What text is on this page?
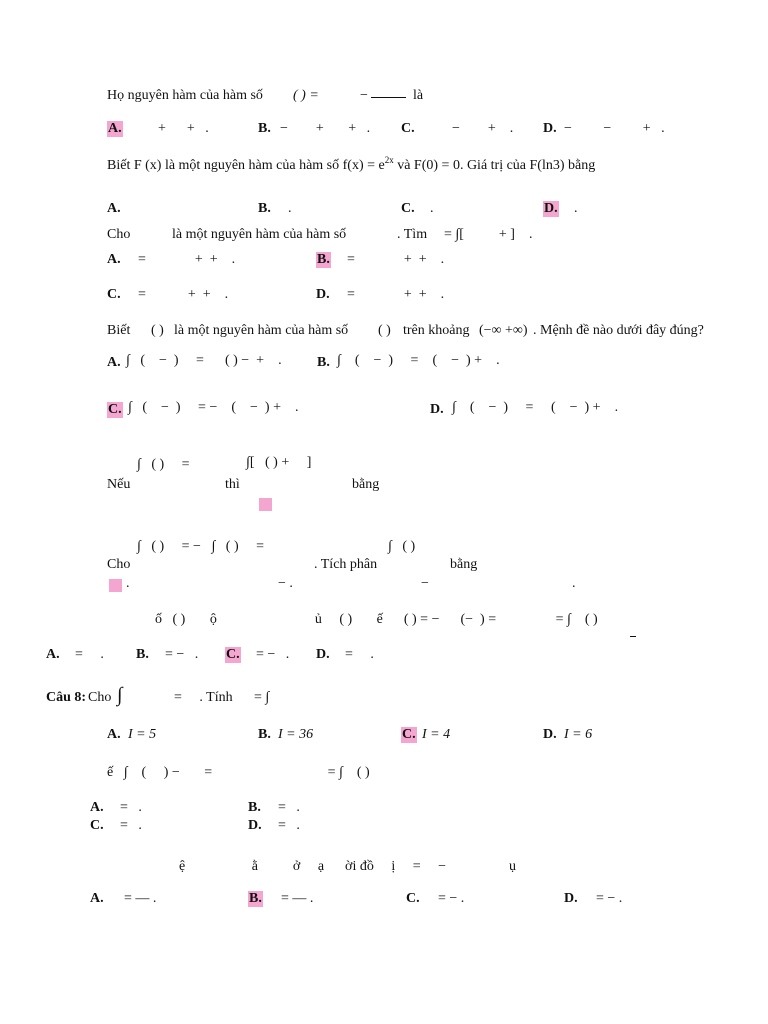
Họ nguyên hàm của hàm số ( ) =	−	là
A.	+      +   .	B. −        +       +   . C.	−        +    . D. −         −         +   .
Biết F (x) là một nguyên hàm của hàm số $f(x) = e^{2x}$ và F(0) = 0. Giá trị của F(ln3) bằng
A.	B. .	C. .	D. .
Cho	là một nguyên hàm của hàm số	. Tìm = ∫[          + ]    .
A. =              +  +    .	B. =              +  +    .
C. =            +  +    .	D. =              +  +    .
Biết ( ) là một nguyên hàm của hàm số ( ) trên khoảng (−∞ +∞) . Mệnh đề nào dưới đây đúng?
A. ∫   (    −  )     =      ( ) −  +    .	B. ∫    (    −  )     =    (    −  ) +    .
C. ∫   (    −  )     = −    (    −  ) +    .	D. ∫    (    −  )     =     (    −  ) +    .
∫   ( )     =	∫[   ( ) +     ]
Nếu	thì	bằng
∫   ( )     = −   ∫   ( )     =	∫   ( )
Cho	. Tích phân	bằng
.	− .	−	.
ố   ( )       ộ                            ủ     ( )       ế      ( ) = −      (−  ) =                 = ∫    ( )
A. =     . B. = −   . C. = −   . D. =     .
Câu 8: Cho ∫	=     . Tính = ∫
A. I = 5	B. I = 36	C. I = 4	D. I = 6
ế   ∫    (     ) −       =                                 = ∫    ( )
A. =   .	B. =   .
C. =   .	D. =   .
ệ                   ằ          ở     ạ      ời đồ     ị     =     −                  ụ
A. = — .	B. = — .	C. = − .	D. = − .
